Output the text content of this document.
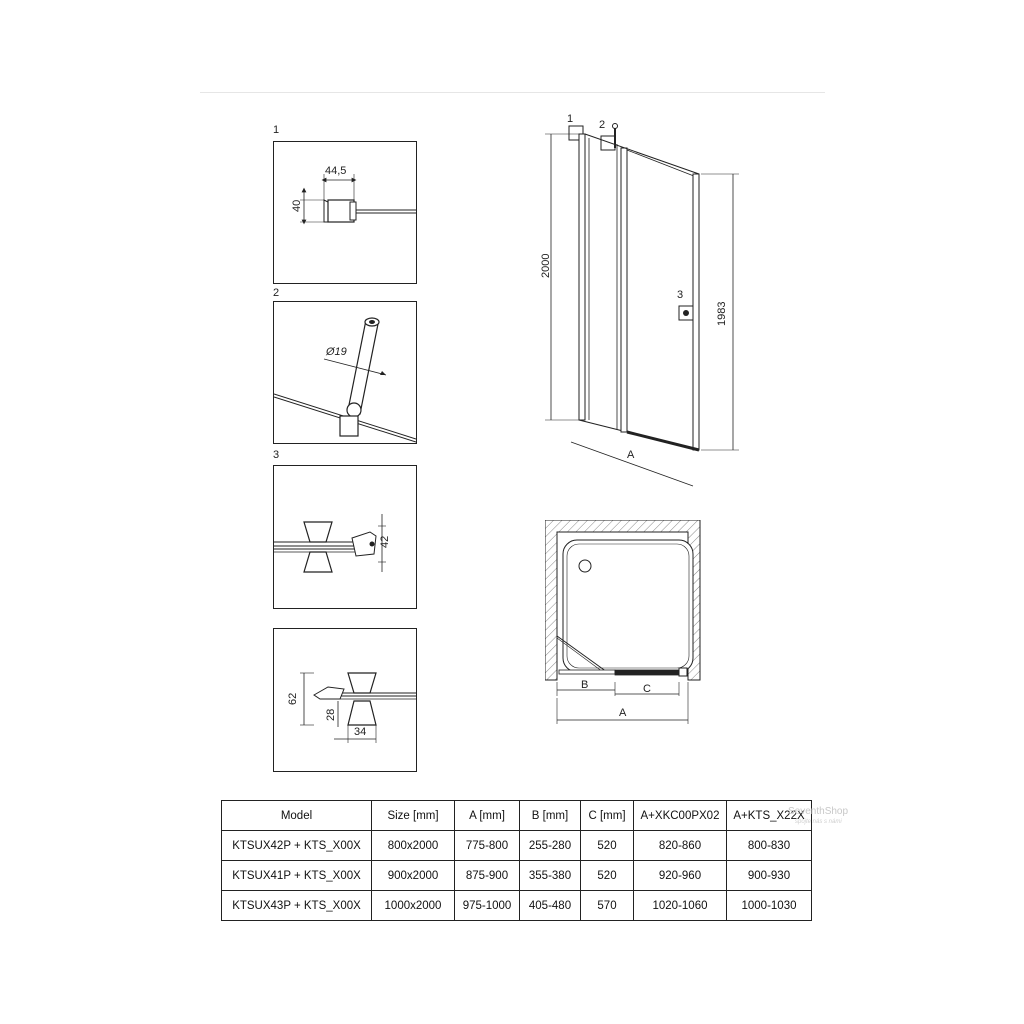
1
44,5
40
2
Ø19
3
42
62
28
34
1 2
3
2000
1983
A
B	C
A
Model	Size [mm]	A [mm]	B [mm]	C [mm]	A+XKC00PX02	A+KTS_X22X
KTSUX42P + KTS_X00X	800x2000	775-800	255-280	520	820-860	800-830
KTSUX41P + KTS_X00X	900x2000	875-900	355-380	520	920-960	900-930
KTSUX43P + KTS_X00X	1000x2000	975-1000	405-480	570	1020-1060	1000-1030
SeventhShop
spojte nás s námi
